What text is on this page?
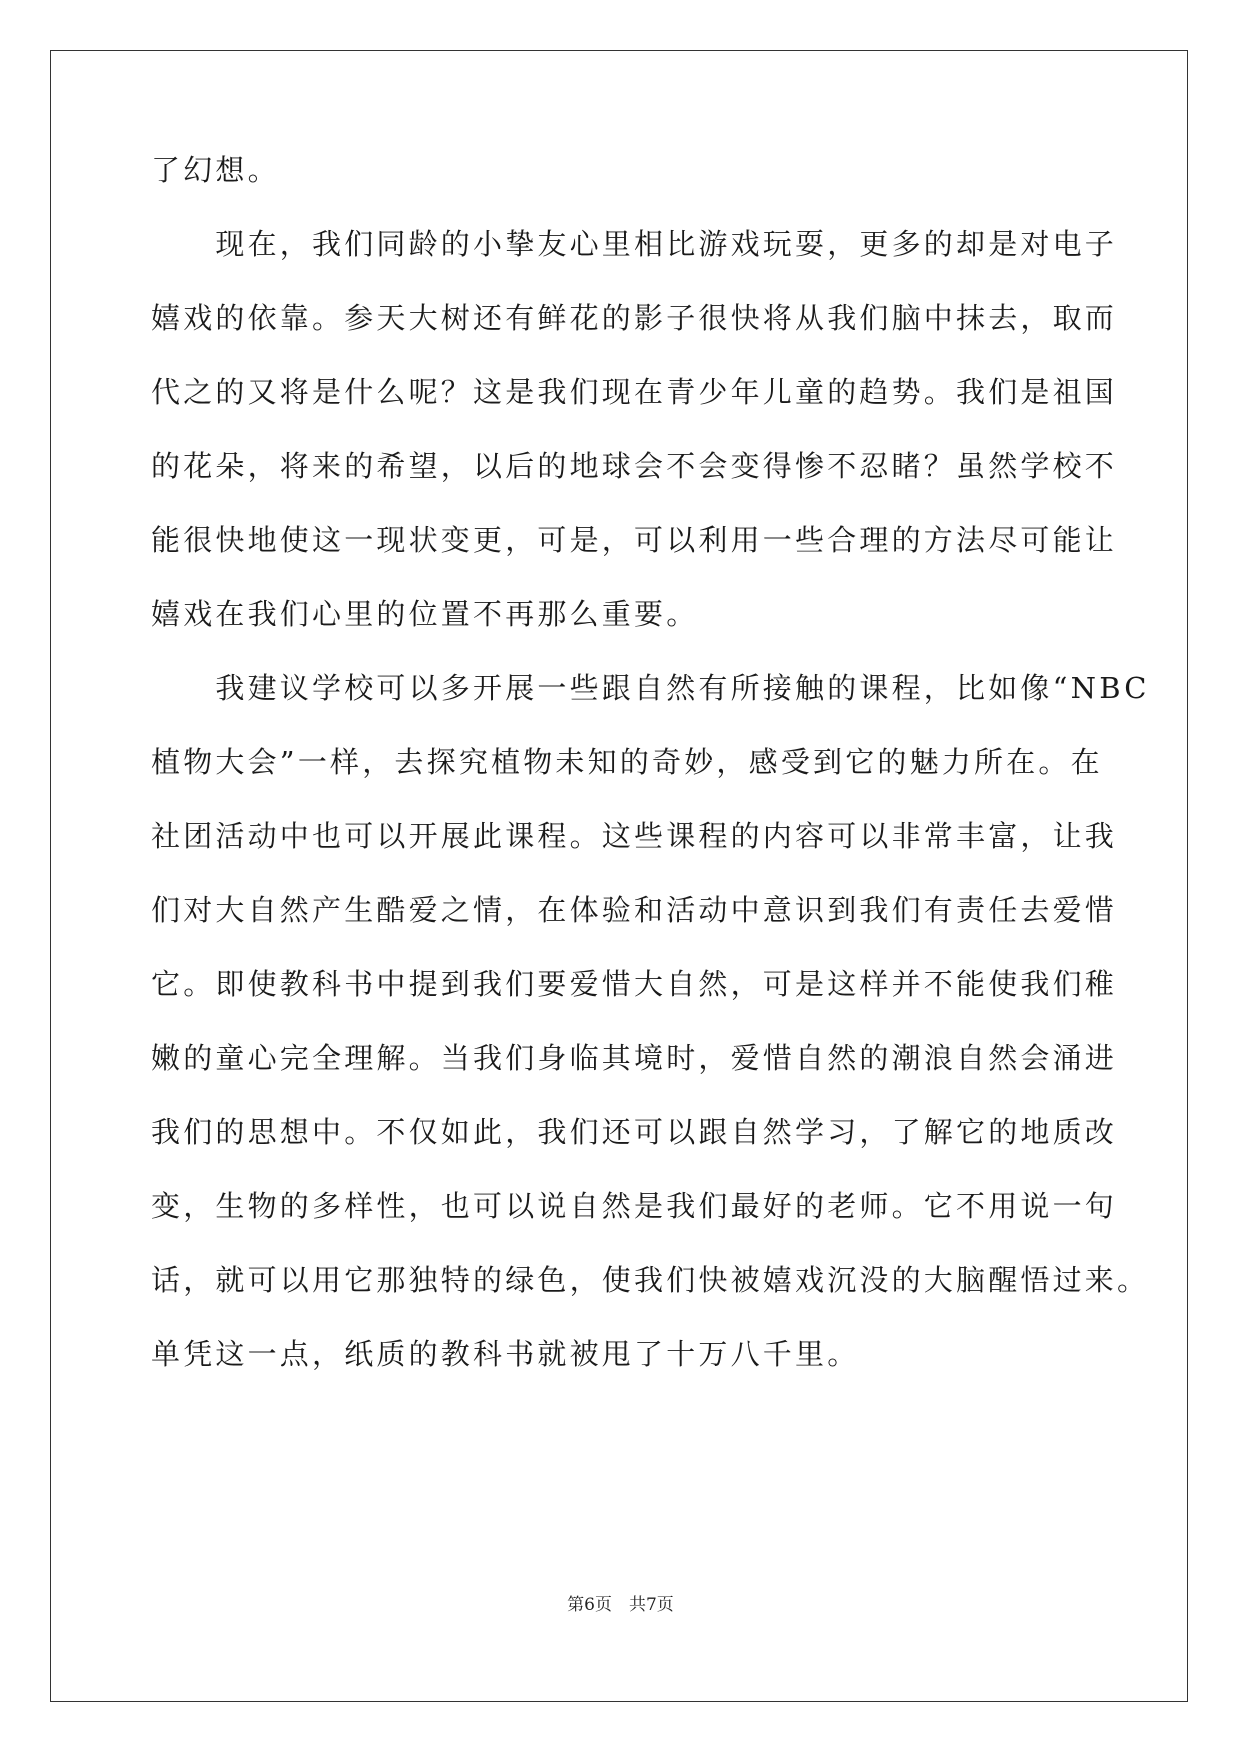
了幻想。
　　现在，我们同龄的小挚友心里相比游戏玩耍，更多的却是对电子
嬉戏的依靠。参天大树还有鲜花的影子很快将从我们脑中抹去，取而
代之的又将是什么呢？这是我们现在青少年儿童的趋势。我们是祖国
的花朵，将来的希望，以后的地球会不会变得惨不忍睹？虽然学校不
能很快地使这一现状变更，可是，可以利用一些合理的方法尽可能让
嬉戏在我们心里的位置不再那么重要。
　　我建议学校可以多开展一些跟自然有所接触的课程，比如像“NBC
植物大会”一样，去探究植物未知的奇妙，感受到它的魅力所在。在
社团活动中也可以开展此课程。这些课程的内容可以非常丰富，让我
们对大自然产生酷爱之情，在体验和活动中意识到我们有责任去爱惜
它。即使教科书中提到我们要爱惜大自然，可是这样并不能使我们稚
嫩的童心完全理解。当我们身临其境时，爱惜自然的潮浪自然会涌进
我们的思想中。不仅如此，我们还可以跟自然学习，了解它的地质改
变，生物的多样性，也可以说自然是我们最好的老师。它不用说一句
话，就可以用它那独特的绿色，使我们快被嬉戏沉没的大脑醒悟过来。
单凭这一点，纸质的教科书就被甩了十万八千里。
第6页　共7页
